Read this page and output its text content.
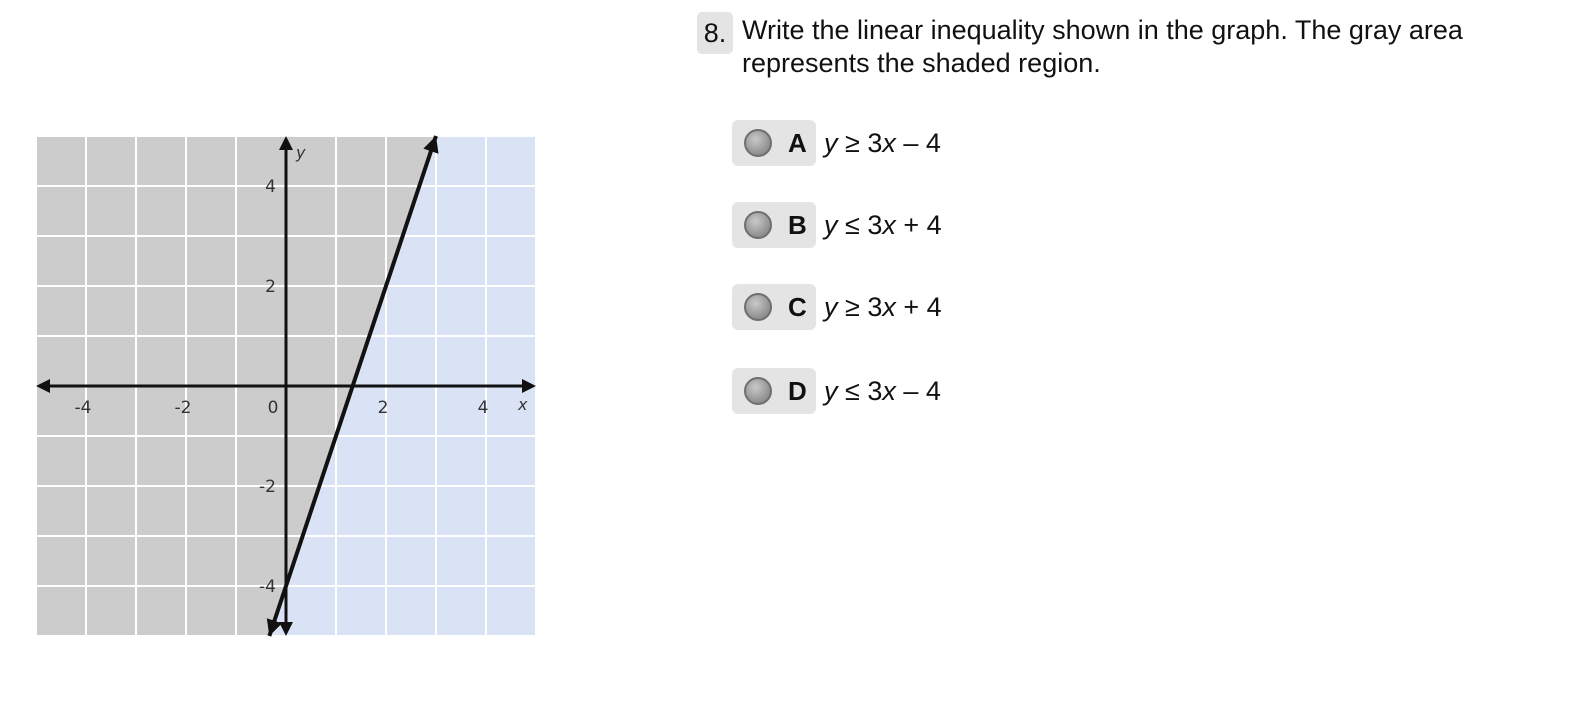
-4	-2	0	2	4
4
2
-2
-4
x
y
8. Write the linear inequality shown in the graph. The gray area represents the shaded region.
A y ≥ 3x – 4
B y ≤ 3x + 4
C y ≥ 3x + 4
D y ≤ 3x – 4
